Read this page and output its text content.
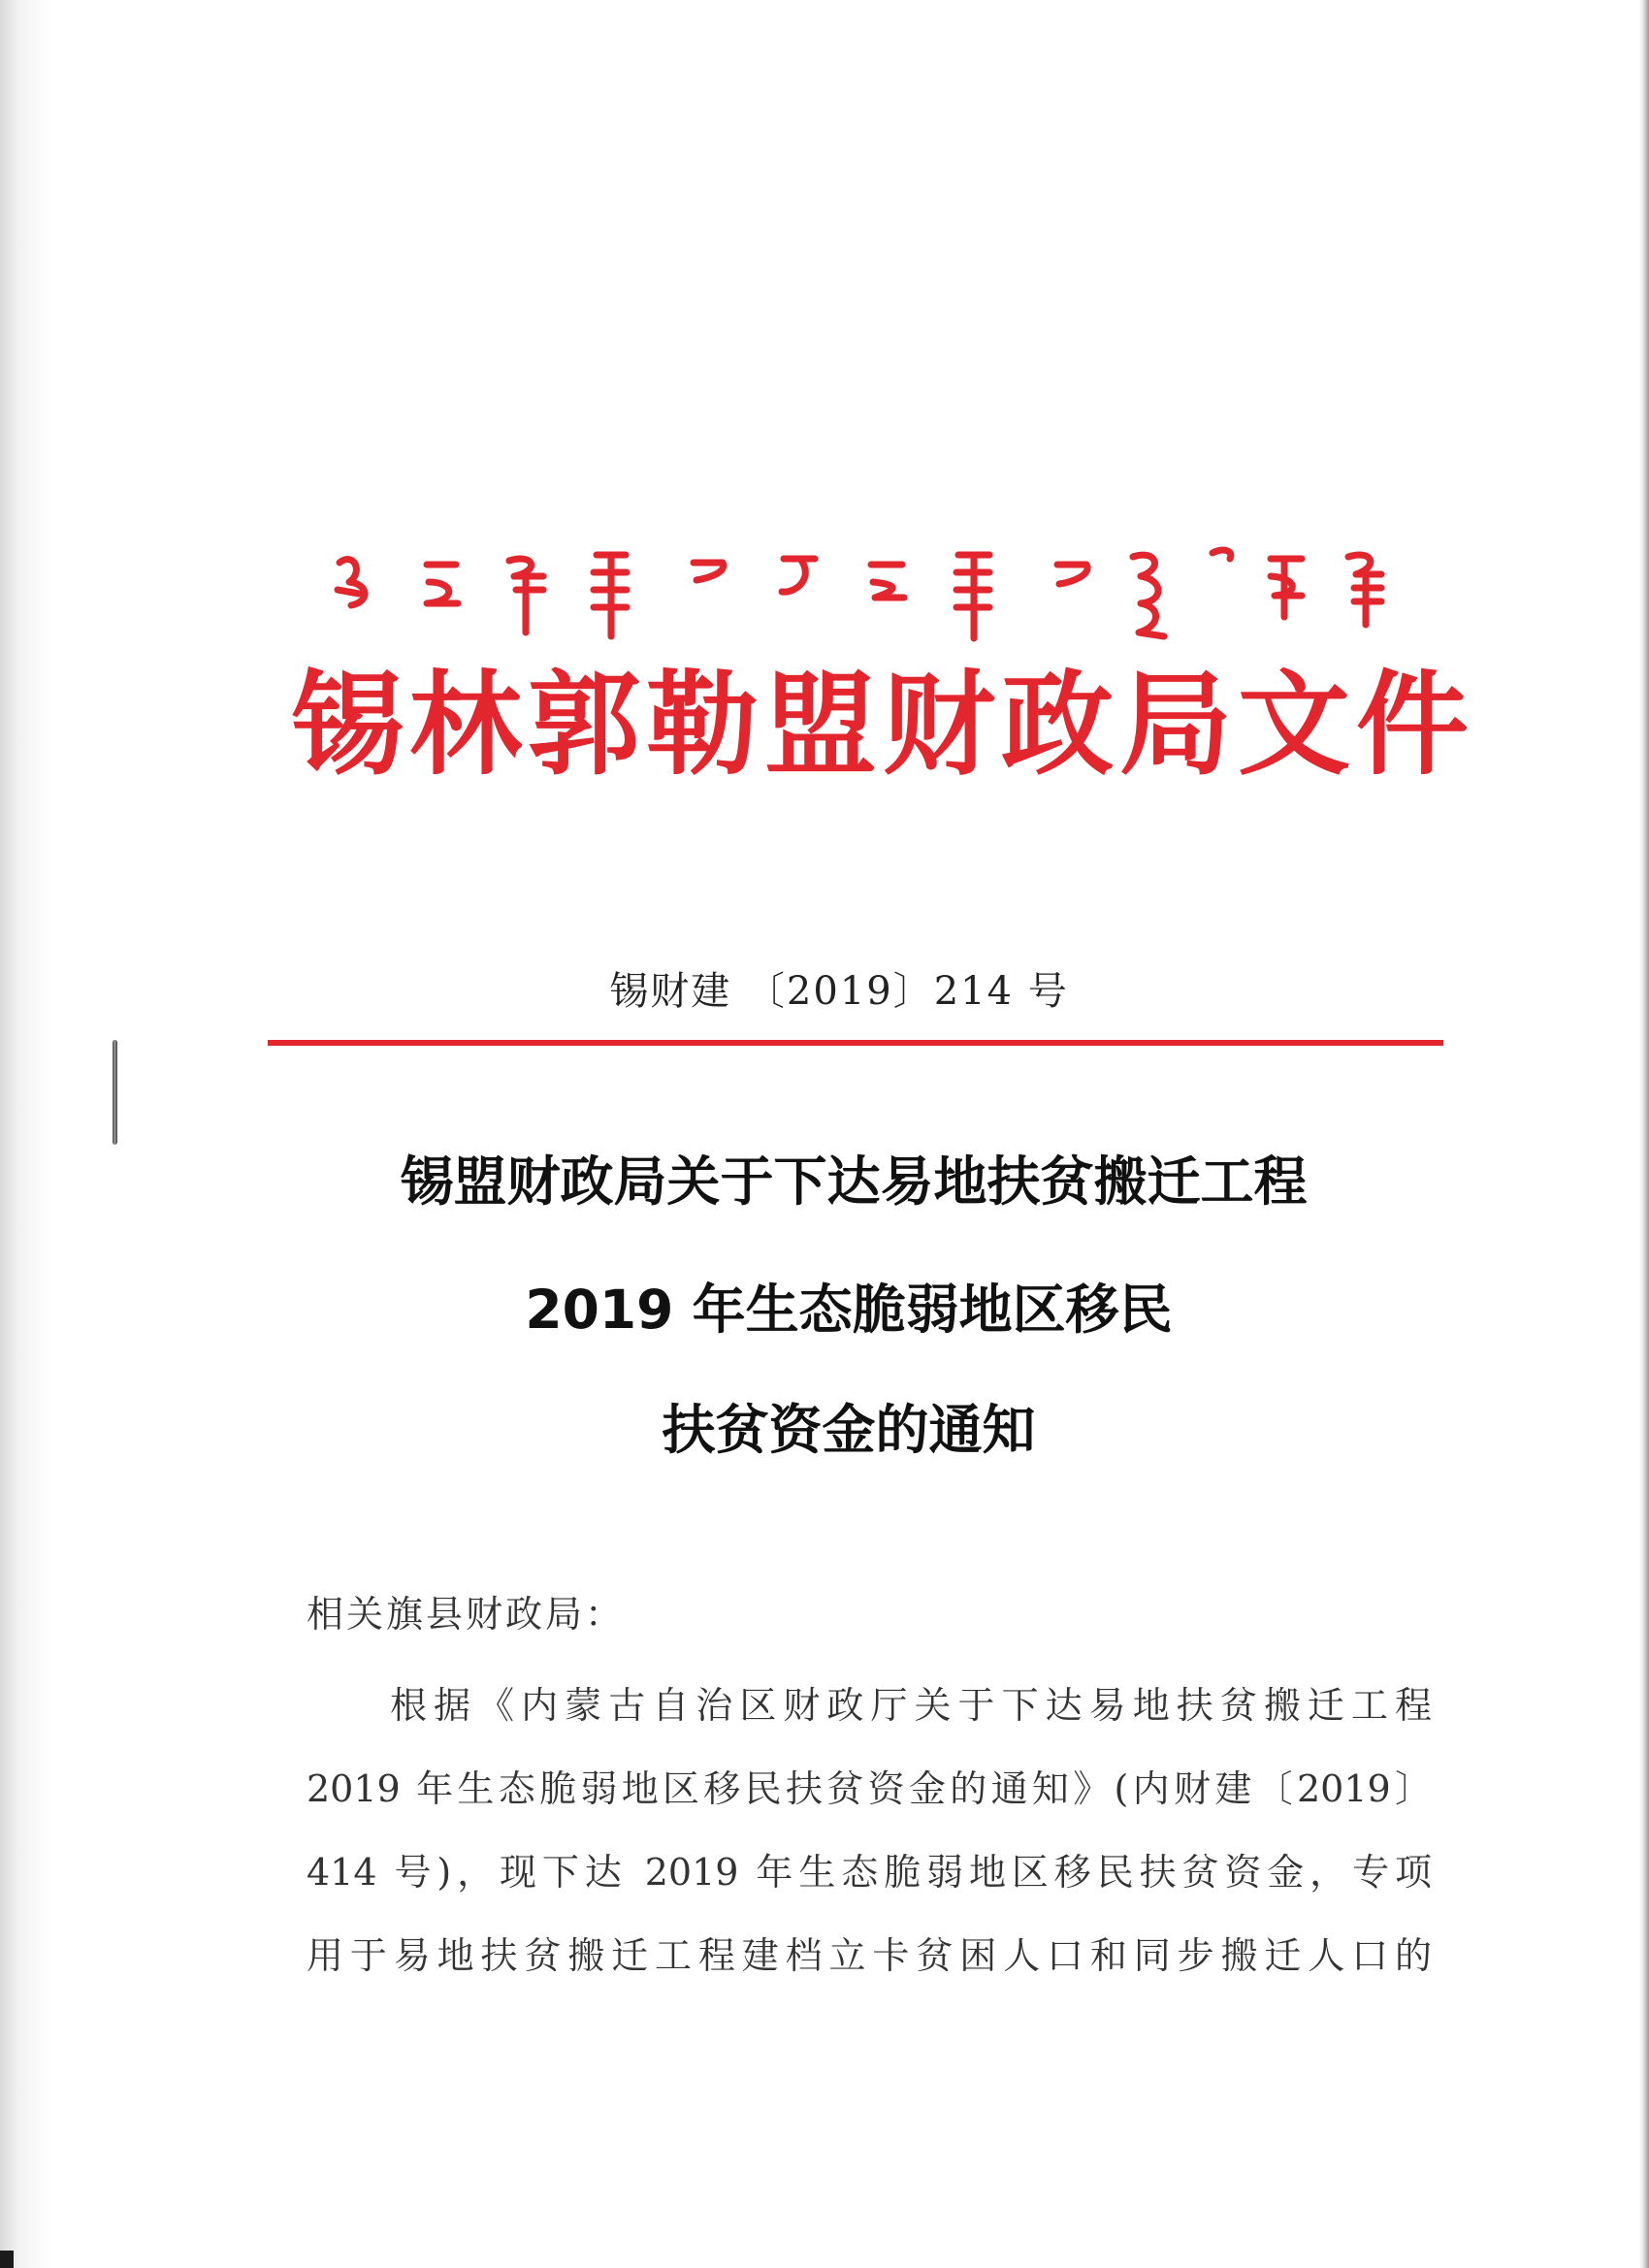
锡林郭勒盟财政局文件
锡财建 〔2019〕214 号
锡盟财政局关于下达易地扶贫搬迁工程
2019 年生态脆弱地区移民
扶贫资金的通知
相关旗县财政局：
根据《内蒙古自治区财政厅关于下达易地扶贫搬迁工程
2019 年生态脆弱地区移民扶贫资金的通知》(内财建〔2019〕
414 号)，现下达 2019 年生态脆弱地区移民扶贫资金，专项
用于易地扶贫搬迁工程建档立卡贫困人口和同步搬迁人口的
